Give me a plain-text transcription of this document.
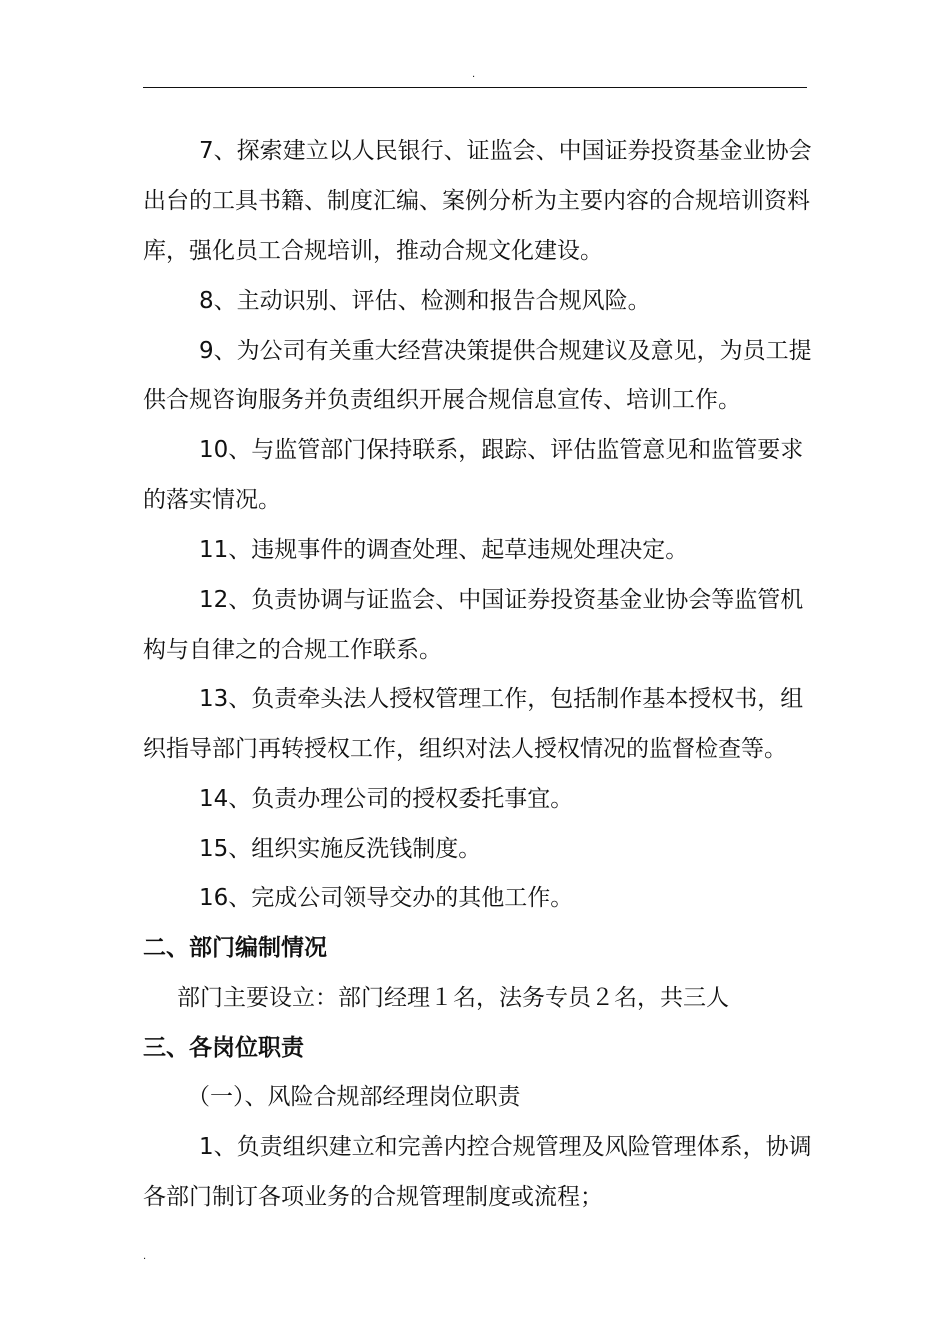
.
7、探索建立以人民银行、证监会、中国证券投资基金业协会
出台的工具书籍、制度汇编、案例分析为主要内容的合规培训资料
库，强化员工合规培训，推动合规文化建设。
8、主动识别、评估、检测和报告合规风险。
9、为公司有关重大经营决策提供合规建议及意见，为员工提
供合规咨询服务并负责组织开展合规信息宣传、培训工作。
10、与监管部门保持联系，跟踪、评估监管意见和监管要求
的落实情况。
11、违规事件的调查处理、起草违规处理决定。
12、负责协调与证监会、中国证券投资基金业协会等监管机
构与自律之的合规工作联系。
13、负责牵头法人授权管理工作，包括制作基本授权书，组
织指导部门再转授权工作，组织对法人授权情况的监督检查等。
14、负责办理公司的授权委托事宜。
15、组织实施反洗钱制度。
16、完成公司领导交办的其他工作。
二、部门编制情况
部门主要设立：部门经理１名，法务专员２名，共三人
三、各岗位职责
（一）、风险合规部经理岗位职责
1、负责组织建立和完善内控合规管理及风险管理体系，协调
各部门制订各项业务的合规管理制度或流程；
.
